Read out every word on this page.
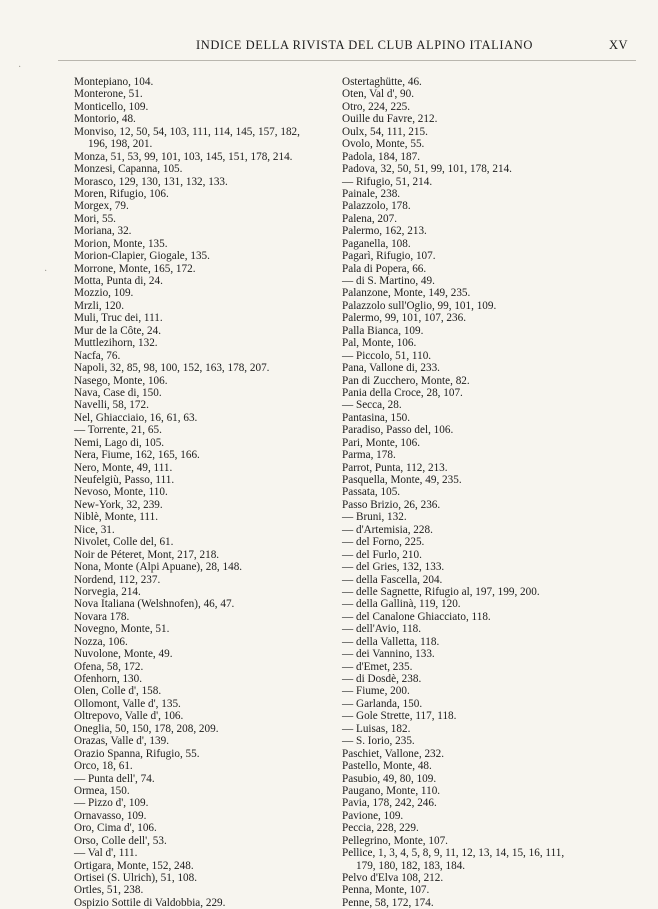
INDICE DELLA RIVISTA DEL CLUB ALPINO ITALIANO	XV
Montepiano, 104.
Monterone, 51.
Monticello, 109.
Montorio, 48.
Monviso, 12, 50, 54, 103, 111, 114, 145, 157, 182,
196, 198, 201.
Monza, 51, 53, 99, 101, 103, 145, 151, 178, 214.
Monzesi, Capanna, 105.
Morasco, 129, 130, 131, 132, 133.
Moren, Rifugio, 106.
Morgex, 79.
Mori, 55.
Moriana, 32.
Morion, Monte, 135.
Morion-Clapier, Giogale, 135.
Morrone, Monte, 165, 172.
Motta, Punta di, 24.
Mozzio, 109.
Mrzli, 120.
Muli, Truc dei, 111.
Mur de la Côte, 24.
Muttlezihorn, 132.
Nacfa, 76.
Napoli, 32, 85, 98, 100, 152, 163, 178, 207.
Nasego, Monte, 106.
Nava, Case di, 150.
Navelli, 58, 172.
Nel, Ghiacciaio, 16, 61, 63.
— Torrente, 21, 65.
Nemi, Lago di, 105.
Nera, Fiume, 162, 165, 166.
Nero, Monte, 49, 111.
Neufelgiù, Passo, 111.
Nevoso, Monte, 110.
New-York, 32, 239.
Niblè, Monte, 111.
Nice, 31.
Nivolet, Colle del, 61.
Noir de Péteret, Mont, 217, 218.
Nona, Monte (Alpi Apuane), 28, 148.
Nordend, 112, 237.
Norvegia, 214.
Nova Italiana (Welshnofen), 46, 47.
Novara 178.
Novegno, Monte, 51.
Nozza, 106.
Nuvolone, Monte, 49.
Ofena, 58, 172.
Ofenhorn, 130.
Olen, Colle d', 158.
Ollomont, Valle d', 135.
Oltrepovo, Valle d', 106.
Oneglia, 50, 150, 178, 208, 209.
Orazas, Valle d', 139.
Orazio Spanna, Rifugio, 55.
Orco, 18, 61.
— Punta dell', 74.
Ormea, 150.
— Pizzo d', 109.
Ornavasso, 109.
Oro, Cima d', 106.
Orso, Colle dell', 53.
— Val d', 111.
Ortigara, Monte, 152, 248.
Ortisei (S. Ulrich), 51, 108.
Ortles, 51, 238.
Ospizio Sottile di Valdobbia, 229.
Ostertaghütte, 46.
Oten, Val d', 90.
Otro, 224, 225.
Ouille du Favre, 212.
Oulx, 54, 111, 215.
Ovolo, Monte, 55.
Padola, 184, 187.
Padova, 32, 50, 51, 99, 101, 178, 214.
— Rifugio, 51, 214.
Painale, 238.
Palazzolo, 178.
Palena, 207.
Palermo, 162, 213.
Paganella, 108.
Pagarì, Rifugio, 107.
Pala di Popera, 66.
— di S. Martino, 49.
Palanzone, Monte, 149, 235.
Palazzolo sull'Oglio, 99, 101, 109.
Palermo, 99, 101, 107, 236.
Palla Bianca, 109.
Pal, Monte, 106.
— Piccolo, 51, 110.
Pana, Vallone di, 233.
Pan di Zucchero, Monte, 82.
Pania della Croce, 28, 107.
— Secca, 28.
Pantasina, 150.
Paradiso, Passo del, 106.
Pari, Monte, 106.
Parma, 178.
Parrot, Punta, 112, 213.
Pasquella, Monte, 49, 235.
Passata, 105.
Passo Brizio, 26, 236.
— Bruni, 132.
— d'Artemisia, 228.
— del Forno, 225.
— del Furlo, 210.
— del Gries, 132, 133.
— della Fascella, 204.
— delle Sagnette, Rifugio al, 197, 199, 200.
— della Gallinà, 119, 120.
— del Canalone Ghiacciato, 118.
— dell'Avio, 118.
— della Valletta, 118.
— dei Vannino, 133.
— d'Emet, 235.
— di Dosdè, 238.
— Fiume, 200.
— Garlanda, 150.
— Gole Strette, 117, 118.
— Luisas, 182.
— S. Iorio, 235.
Paschiet, Vallone, 232.
Pastello, Monte, 48.
Pasubio, 49, 80, 109.
Paugano, Monte, 110.
Pavia, 178, 242, 246.
Pavione, 109.
Peccia, 228, 229.
Pellegrino, Monte, 107.
Pellice, 1, 3, 4, 5, 8, 9, 11, 12, 13, 14, 15, 16, 111,
179, 180, 182, 183, 184.
Pelvo d'Elva 108, 212.
Penna, Monte, 107.
Penne, 58, 172, 174.
·
·
